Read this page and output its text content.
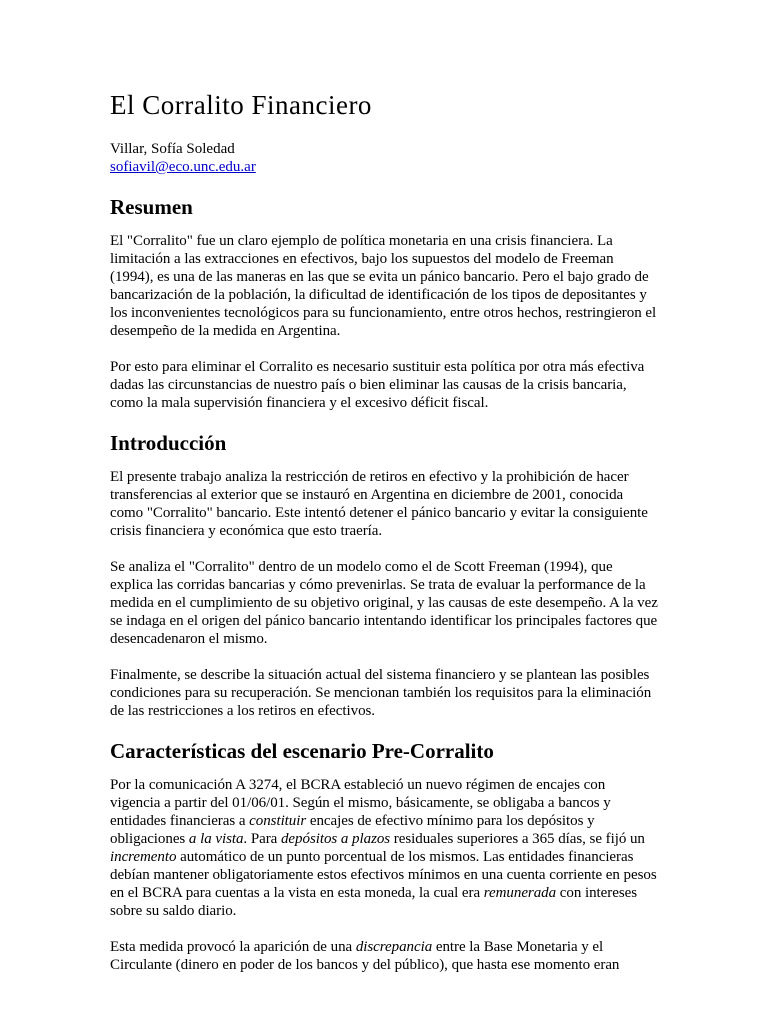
El Corralito Financiero

Villar, Sofía Soledad

sofiavil@eco.unc.edu.ar
Resumen

El "Corralito" fue un claro ejemplo de política monetaria en una crisis financiera. La limitación a las extracciones en efectivos, bajo los supuestos del modelo de Freeman (1994), es una de las maneras en las que se evita un pánico bancario. Pero el bajo grado de bancarización de la población, la dificultad de identificación de los tipos de depositantes y los inconvenientes tecnológicos para su funcionamiento, entre otros hechos, restringieron el desempeño de la medida en Argentina.

Por esto para eliminar el Corralito es necesario sustituir esta política por otra más efectiva dadas las circunstancias de nuestro país o bien eliminar las causas de la crisis bancaria, como la mala supervisión financiera y el excesivo déficit fiscal.

Introducción

El presente trabajo analiza la restricción de retiros en efectivo y la prohibición de hacer transferencias al exterior que se instauró en Argentina en diciembre de 2001, conocida como "Corralito" bancario. Este intentó detener el pánico bancario y evitar la consiguiente crisis financiera y económica que esto traería.

Se analiza el "Corralito" dentro de un modelo como el de Scott Freeman (1994), que explica las corridas bancarias y cómo prevenirlas. Se trata de evaluar la performance de la medida en el cumplimiento de su objetivo original, y las causas de este desempeño. A la vez se indaga en el origen del pánico bancario intentando identificar los principales factores que desencadenaron el mismo.

Finalmente, se describe la situación actual del sistema financiero y se plantean las posibles condiciones para su recuperación. Se mencionan también los requisitos para la eliminación de las restricciones a los retiros en efectivos.

Características del escenario Pre-Corralito

Por la comunicación A 3274, el BCRA estableció un nuevo régimen de encajes con vigencia a partir del 01/06/01. Según el mismo, básicamente, se obligaba a bancos y entidades financieras a constituir encajes de efectivo mínimo para los depósitos y obligaciones a la vista. Para depósitos a plazos residuales superiores a 365 días, se fijó un incremento automático de un punto porcentual de los mismos. Las entidades financieras debían mantener obligatoriamente estos efectivos mínimos en una cuenta corriente en pesos en el BCRA para cuentas a la vista en esta moneda, la cual era remunerada con intereses sobre su saldo diario.

Esta medida provocó la aparición de una discrepancia entre la Base Monetaria y el Circulante (dinero en poder de los bancos y del público), que hasta ese momento eran
